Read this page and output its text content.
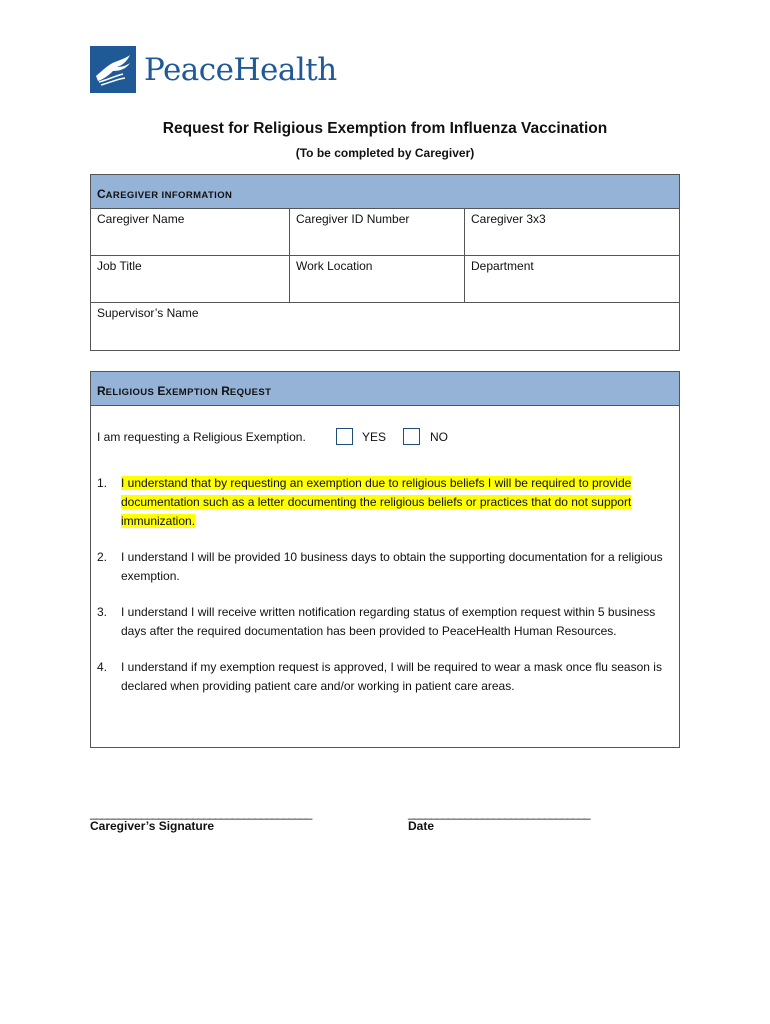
PeaceHealth
Request for Religious Exemption from Influenza Vaccination
(To be completed by Caregiver)
CAREGIVER INFORMATION
Caregiver Name	Caregiver ID Number	Caregiver 3x3
Job Title	Work Location	Department
Supervisor’s Name
RELIGIOUS EXEMPTION REQUEST
I am requesting a Religious Exemption.	YES	NO
1.	I understand that by requesting an exemption due to religious beliefs I will be required to provide documentation such as a letter documenting the religious beliefs or practices that do not support immunization.
2.	I understand I will be provided 10 business days to obtain the supporting documentation for a religious exemption.
3.	I understand I will receive written notification regarding status of exemption request within 5 business days after the required documentation has been provided to PeaceHealth Human Resources.
4.	I understand if my exemption request is approved, I will be required to wear a mask once flu season is declared when providing patient care and/or working in patient care areas.
_______________________________________
Caregiver’s Signature
________________________________
Date
